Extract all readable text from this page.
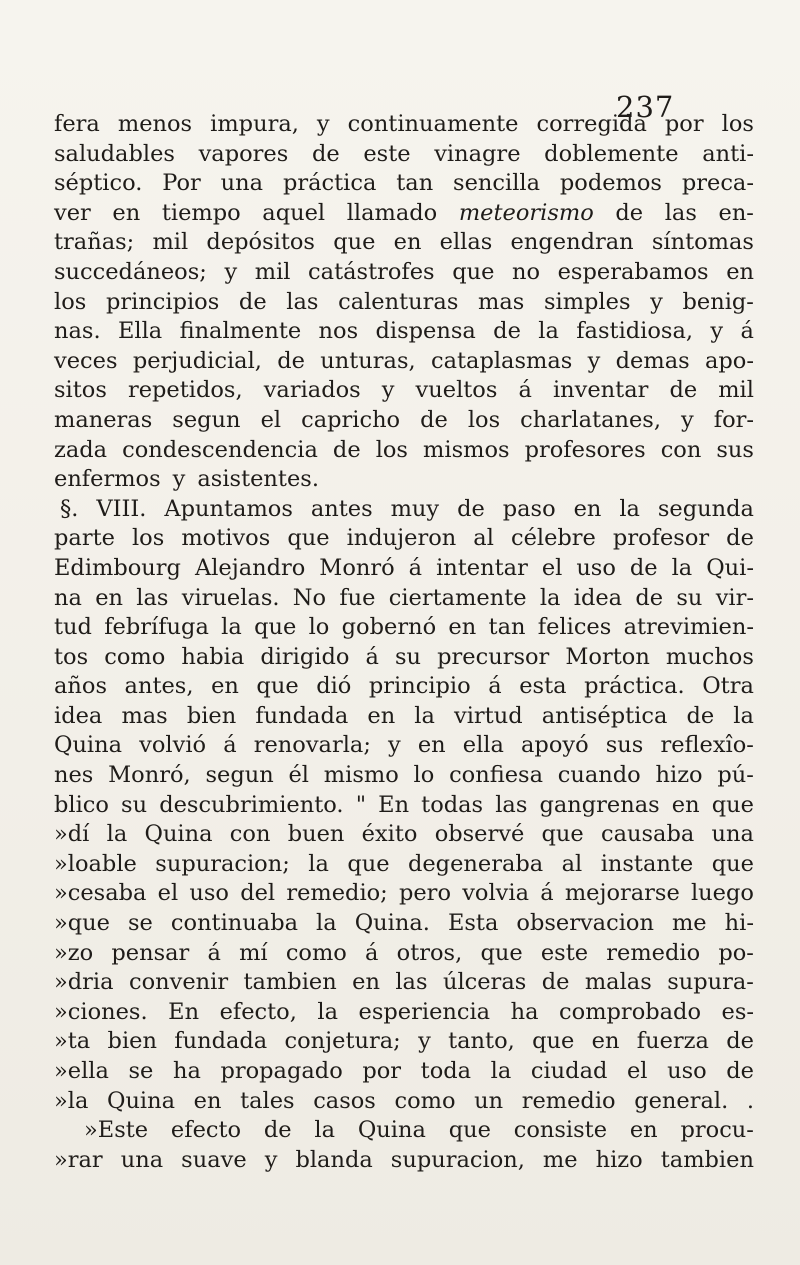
237
fera menos impura, y continuamente corregida por los
saludables vapores de este vinagre doblemente anti-
séptico. Por una práctica tan sencilla podemos preca-
ver en tiempo aquel llamado meteorismo de las en-
trañas; mil depósitos que en ellas engendran síntomas
succedáneos; y mil catástrofes que no esperabamos en
los principios de las calenturas mas simples y benig-
nas. Ella finalmente nos dispensa de la fastidiosa, y á
veces perjudicial, de unturas, cataplasmas y demas apo-
sitos repetidos, variados y vueltos á inventar de mil
maneras segun el capricho de los charlatanes, y for-
zada condescendencia de los mismos profesores con sus
enfermos y asistentes.
§. VIII. Apuntamos antes muy de paso en la segunda
parte los motivos que indujeron al célebre profesor de
Edimbourg Alejandro Monró á intentar el uso de la Qui-
na en las viruelas. No fue ciertamente la idea de su vir-
tud febrífuga la que lo gobernó en tan felices atrevimien-
tos como habia dirigido á su precursor Morton muchos
años antes, en que dió principio á esta práctica. Otra
idea mas bien fundada en la virtud antiséptica de la
Quina volvió á renovarla; y en ella apoyó sus reflexîo-
nes Monró, segun él mismo lo confiesa cuando hizo pú-
blico su descubrimiento. " En todas las gangrenas en que
»dí la Quina con buen éxito observé que causaba una
»loable supuracion; la que degeneraba al instante que
»cesaba el uso del remedio; pero volvia á mejorarse luego
»que se continuaba la Quina. Esta observacion me hi-
»zo pensar á mí como á otros, que este remedio po-
»dria convenir tambien en las úlceras de malas supura-
»ciones. En efecto, la esperiencia ha comprobado es-
»ta bien fundada conjetura; y tanto, que en fuerza de
»ella se ha propagado por toda la ciudad el uso de
»la Quina en tales casos como un remedio general. .
»Este efecto de la Quina que consiste en procu-
»rar una suave y blanda supuracion, me hizo tambien
